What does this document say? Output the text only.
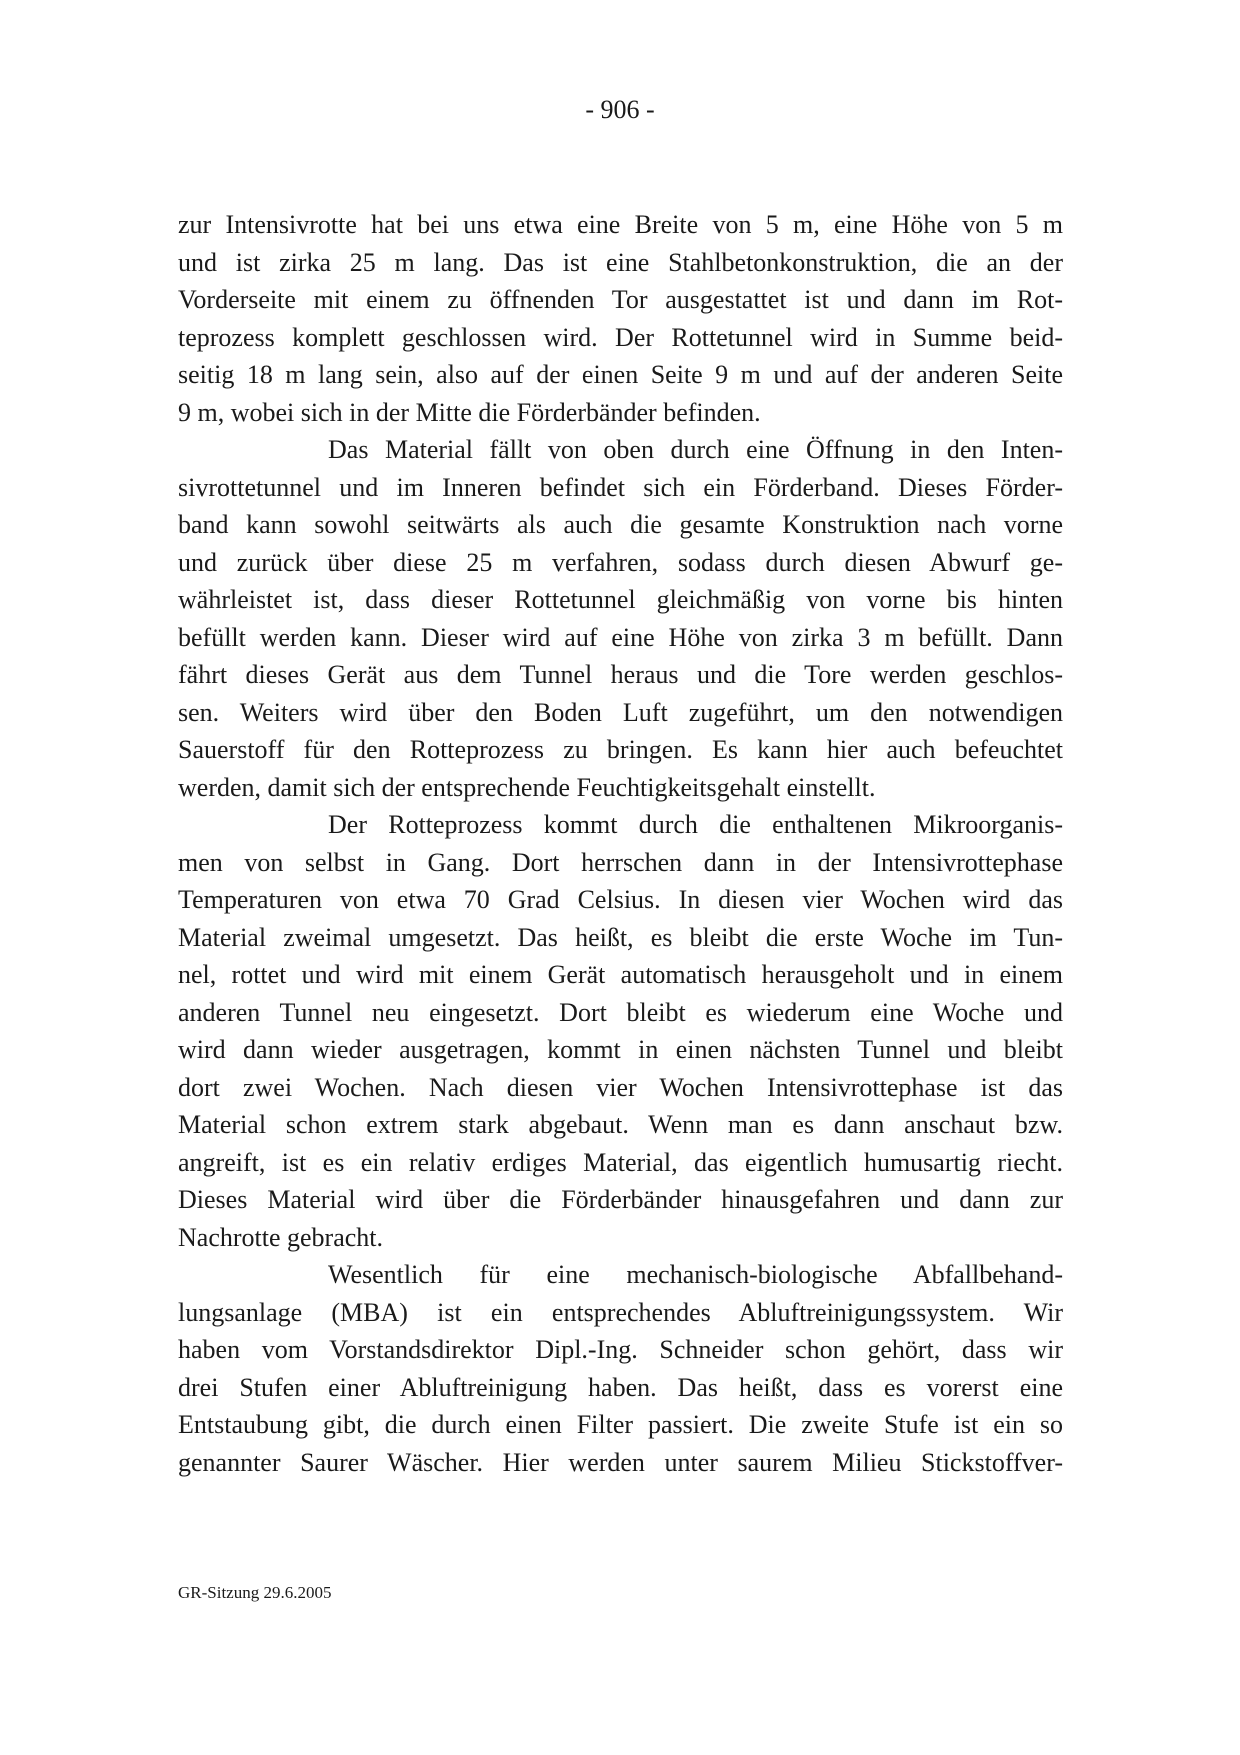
- 906 -
zur Intensivrotte hat bei uns etwa eine Breite von 5 m, eine Höhe von 5 m
und ist zirka 25 m lang. Das ist eine Stahlbetonkonstruktion, die an der
Vorderseite mit einem zu öffnenden Tor ausgestattet ist und dann im Rot-
teprozess komplett geschlossen wird. Der Rottetunnel wird in Summe beid-
seitig 18 m lang sein, also auf der einen Seite 9 m und auf der anderen Seite
9 m, wobei sich in der Mitte die Förderbänder befinden.
Das Material fällt von oben durch eine Öffnung in den Inten-
sivrottetunnel und im Inneren befindet sich ein Förderband. Dieses Förder-
band kann sowohl seitwärts als auch die gesamte Konstruktion nach vorne
und zurück über diese 25 m verfahren, sodass durch diesen Abwurf ge-
währleistet ist, dass dieser Rottetunnel gleichmäßig von vorne bis hinten
befüllt werden kann. Dieser wird auf eine Höhe von zirka 3 m befüllt. Dann
fährt dieses Gerät aus dem Tunnel heraus und die Tore werden geschlos-
sen. Weiters wird über den Boden Luft zugeführt, um den notwendigen
Sauerstoff für den Rotteprozess zu bringen. Es kann hier auch befeuchtet
werden, damit sich der entsprechende Feuchtigkeitsgehalt einstellt.
Der Rotteprozess kommt durch die enthaltenen Mikroorganis-
men von selbst in Gang. Dort herrschen dann in der Intensivrottephase
Temperaturen von etwa 70 Grad Celsius. In diesen vier Wochen wird das
Material zweimal umgesetzt. Das heißt, es bleibt die erste Woche im Tun-
nel, rottet und wird mit einem Gerät automatisch herausgeholt und in einem
anderen Tunnel neu eingesetzt. Dort bleibt es wiederum eine Woche und
wird dann wieder ausgetragen, kommt in einen nächsten Tunnel und bleibt
dort zwei Wochen. Nach diesen vier Wochen Intensivrottephase ist das
Material schon extrem stark abgebaut. Wenn man es dann anschaut bzw.
angreift, ist es ein relativ erdiges Material, das eigentlich humusartig riecht.
Dieses Material wird über die Förderbänder hinausgefahren und dann zur
Nachrotte gebracht.
Wesentlich für eine mechanisch-biologische Abfallbehand-
lungsanlage (MBA) ist ein entsprechendes Abluftreinigungssystem. Wir
haben vom Vorstandsdirektor Dipl.-Ing. Schneider schon gehört, dass wir
drei Stufen einer Abluftreinigung haben. Das heißt, dass es vorerst eine
Entstaubung gibt, die durch einen Filter passiert. Die zweite Stufe ist ein so
genannter Saurer Wäscher. Hier werden unter saurem Milieu Stickstoffver-
GR-Sitzung 29.6.2005
